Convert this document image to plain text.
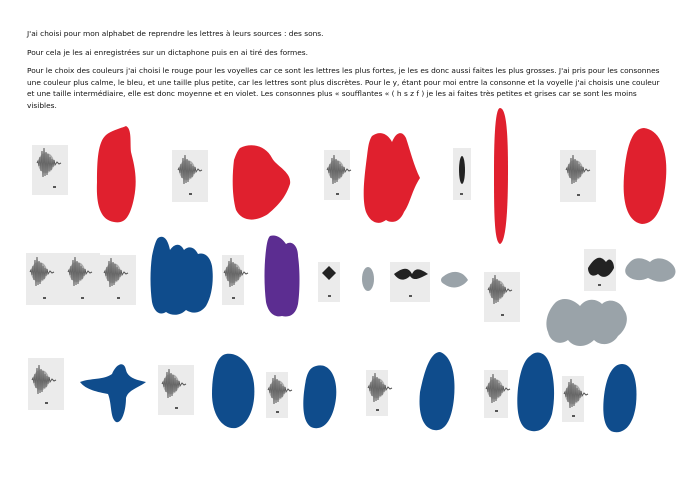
J'ai choisi pour mon alphabet de reprendre les lettres à leurs sources : des sons.

Pour cela je les ai enregistrées sur un dictaphone puis en ai tiré des formes.

Pour le choix des couleurs j'ai choisi le rouge pour les voyelles car ce sont les lettres les plus fortes, je les es donc aussi faites les plus grosses. J'ai pris pour les consonnes une couleur plus calme, le bleu, et une taille plus petite, car les lettres sont plus discrètes. Pour le y, étant pour moi entre la consonne et la voyelle j'ai choisis une couleur et une taille intermédiaire, elle est donc moyenne et en violet. Les consonnes plus « soufflantes « ( h s z f ) je les ai faites très petites et grises car se sont les moins visibles.
